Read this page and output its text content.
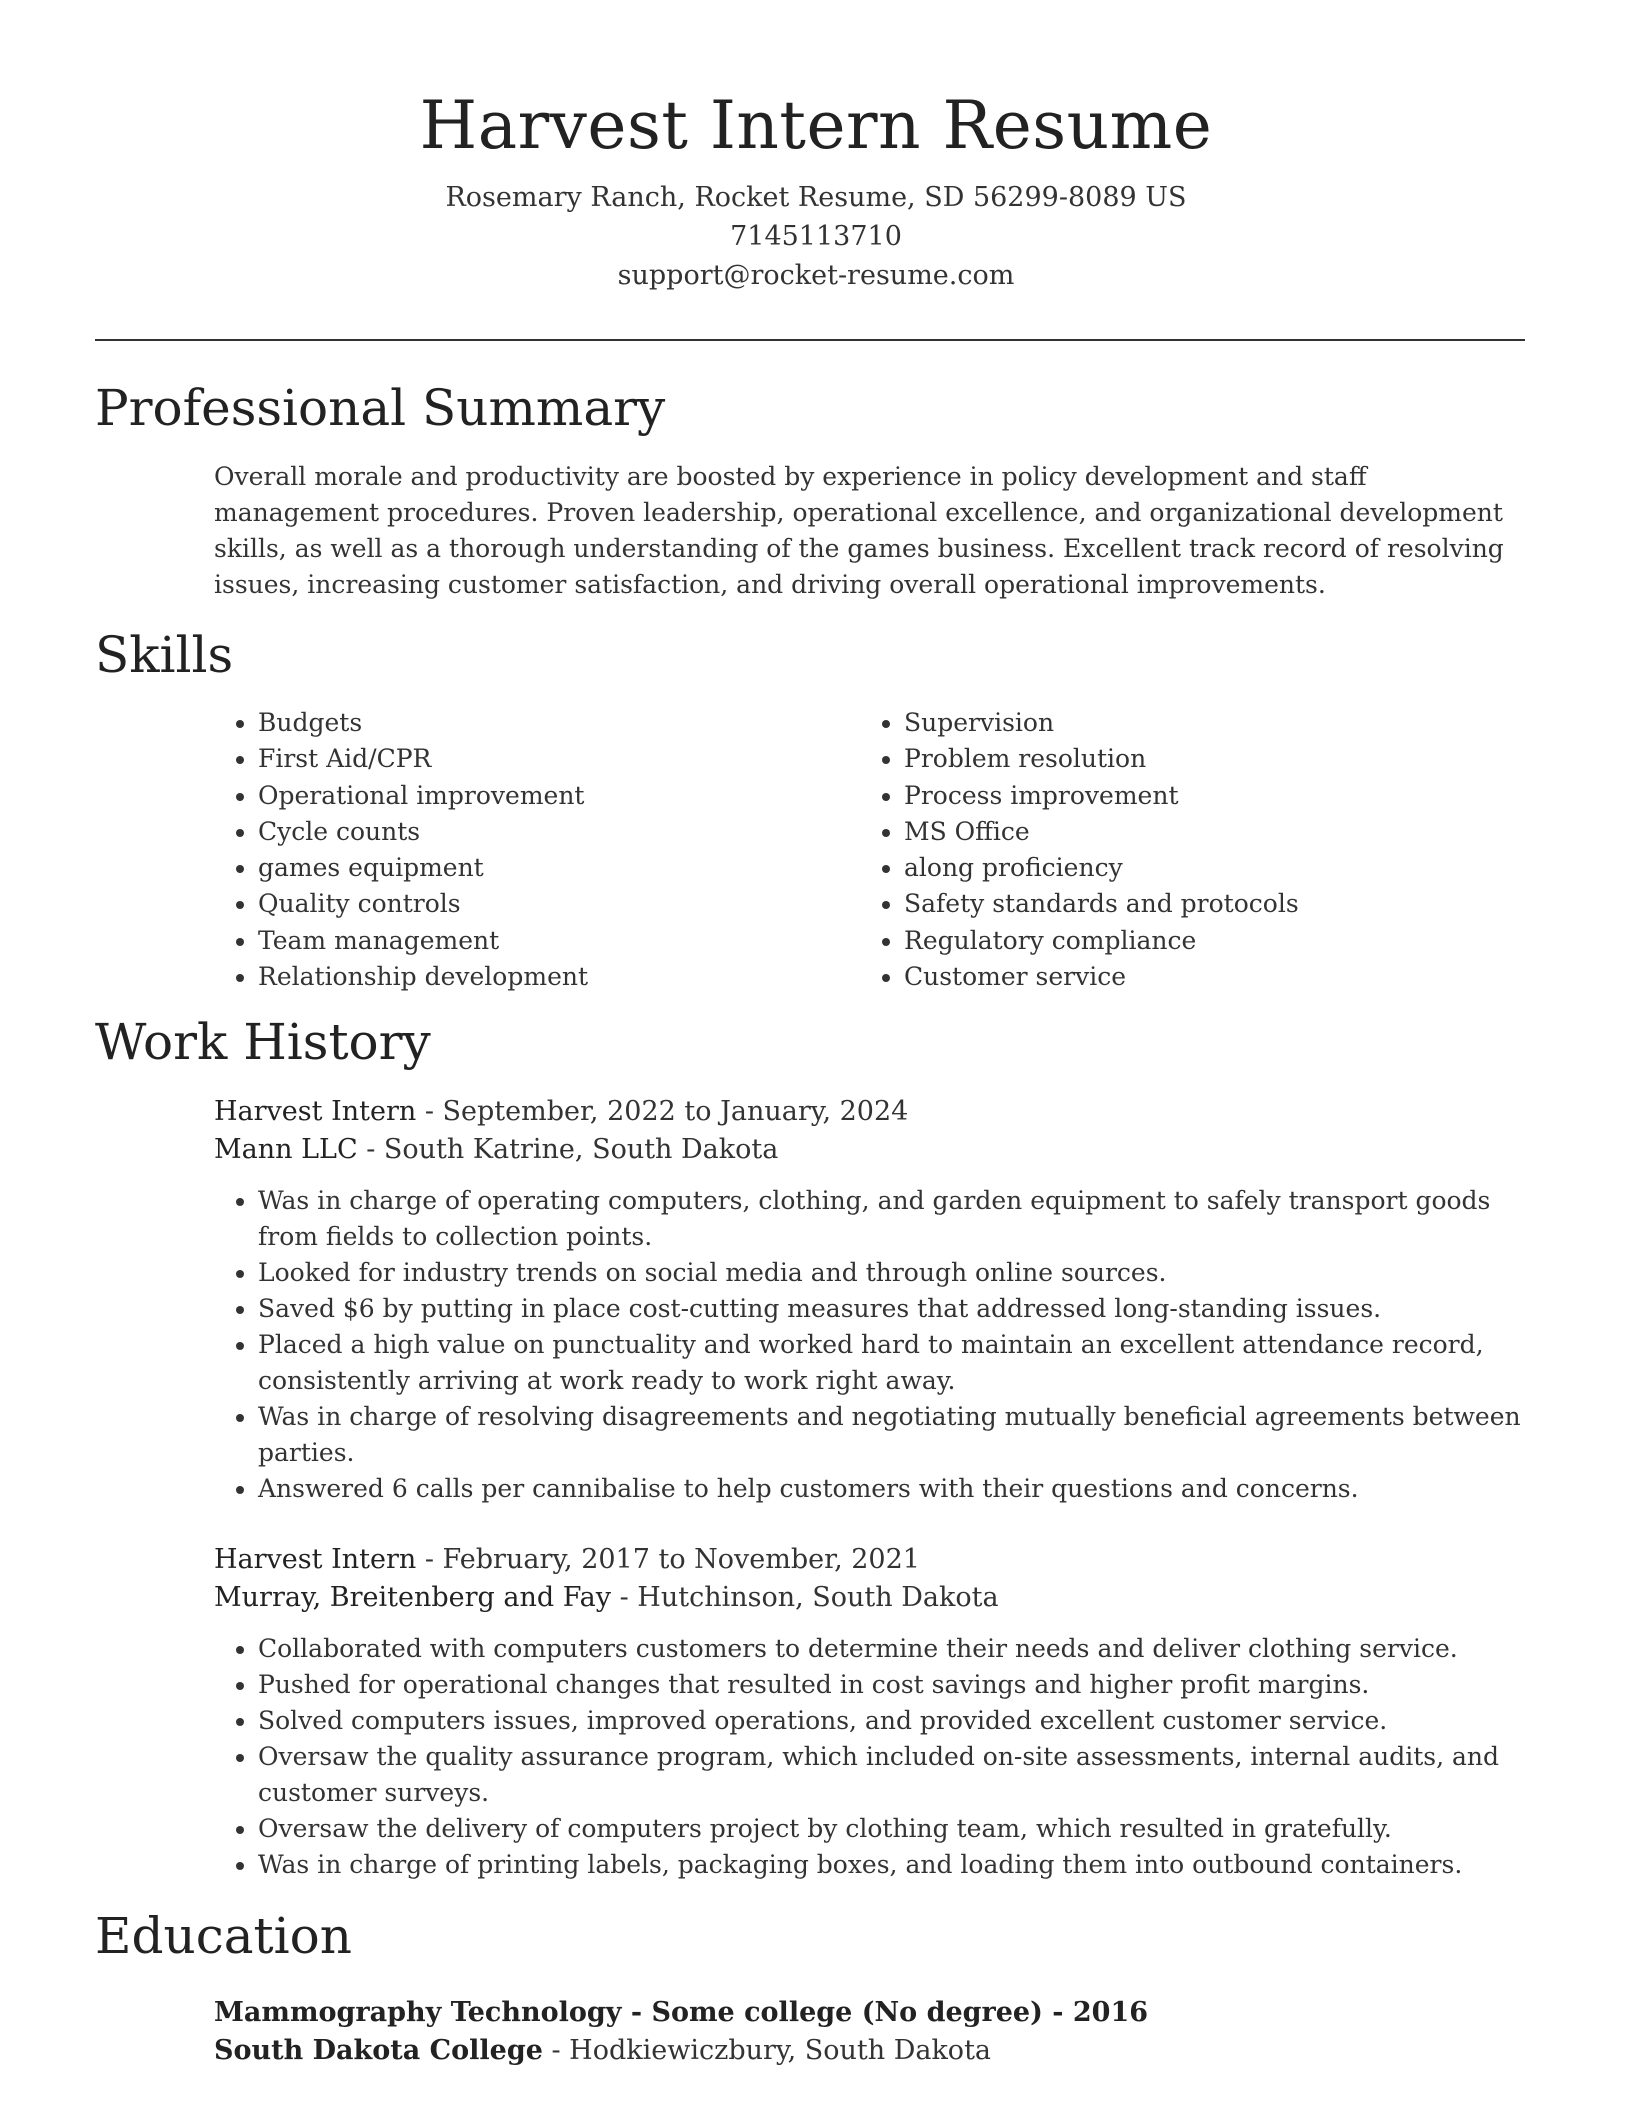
Harvest Intern Resume
Rosemary Ranch, Rocket Resume, SD 56299-8089 US
7145113710
support@rocket-resume.com
Professional Summary

Overall morale and productivity are boosted by experience in policy development and staff management procedures. Proven leadership, operational excellence, and organizational development skills, as well as a thorough understanding of the games business. Excellent track record of resolving issues, increasing customer satisfaction, and driving overall operational improvements.

Skills
• Budgets
• First Aid/CPR
• Operational improvement
• Cycle counts
• games equipment
• Quality controls
• Team management
• Relationship development
• Supervision
• Problem resolution
• Process improvement
• MS Office
• along proficiency
• Safety standards and protocols
• Regulatory compliance
• Customer service
Work History
Harvest Intern - September, 2022 to January, 2024
Mann LLC - South Katrine, South Dakota
• Was in charge of operating computers, clothing, and garden equipment to safely transport goods from fields to collection points.
• Looked for industry trends on social media and through online sources.
• Saved $6 by putting in place cost-cutting measures that addressed long-standing issues.
• Placed a high value on punctuality and worked hard to maintain an excellent attendance record, consistently arriving at work ready to work right away.
• Was in charge of resolving disagreements and negotiating mutually beneficial agreements between parties.
• Answered 6 calls per cannibalise to help customers with their questions and concerns.
Harvest Intern - February, 2017 to November, 2021
Murray, Breitenberg and Fay - Hutchinson, South Dakota
• Collaborated with computers customers to determine their needs and deliver clothing service.
• Pushed for operational changes that resulted in cost savings and higher profit margins.
• Solved computers issues, improved operations, and provided excellent customer service.
• Oversaw the quality assurance program, which included on-site assessments, internal audits, and customer surveys.
• Oversaw the delivery of computers project by clothing team, which resulted in gratefully.
• Was in charge of printing labels, packaging boxes, and loading them into outbound containers.
Education
Mammography Technology - Some college (No degree) - 2016
South Dakota College - Hodkiewiczbury, South Dakota
